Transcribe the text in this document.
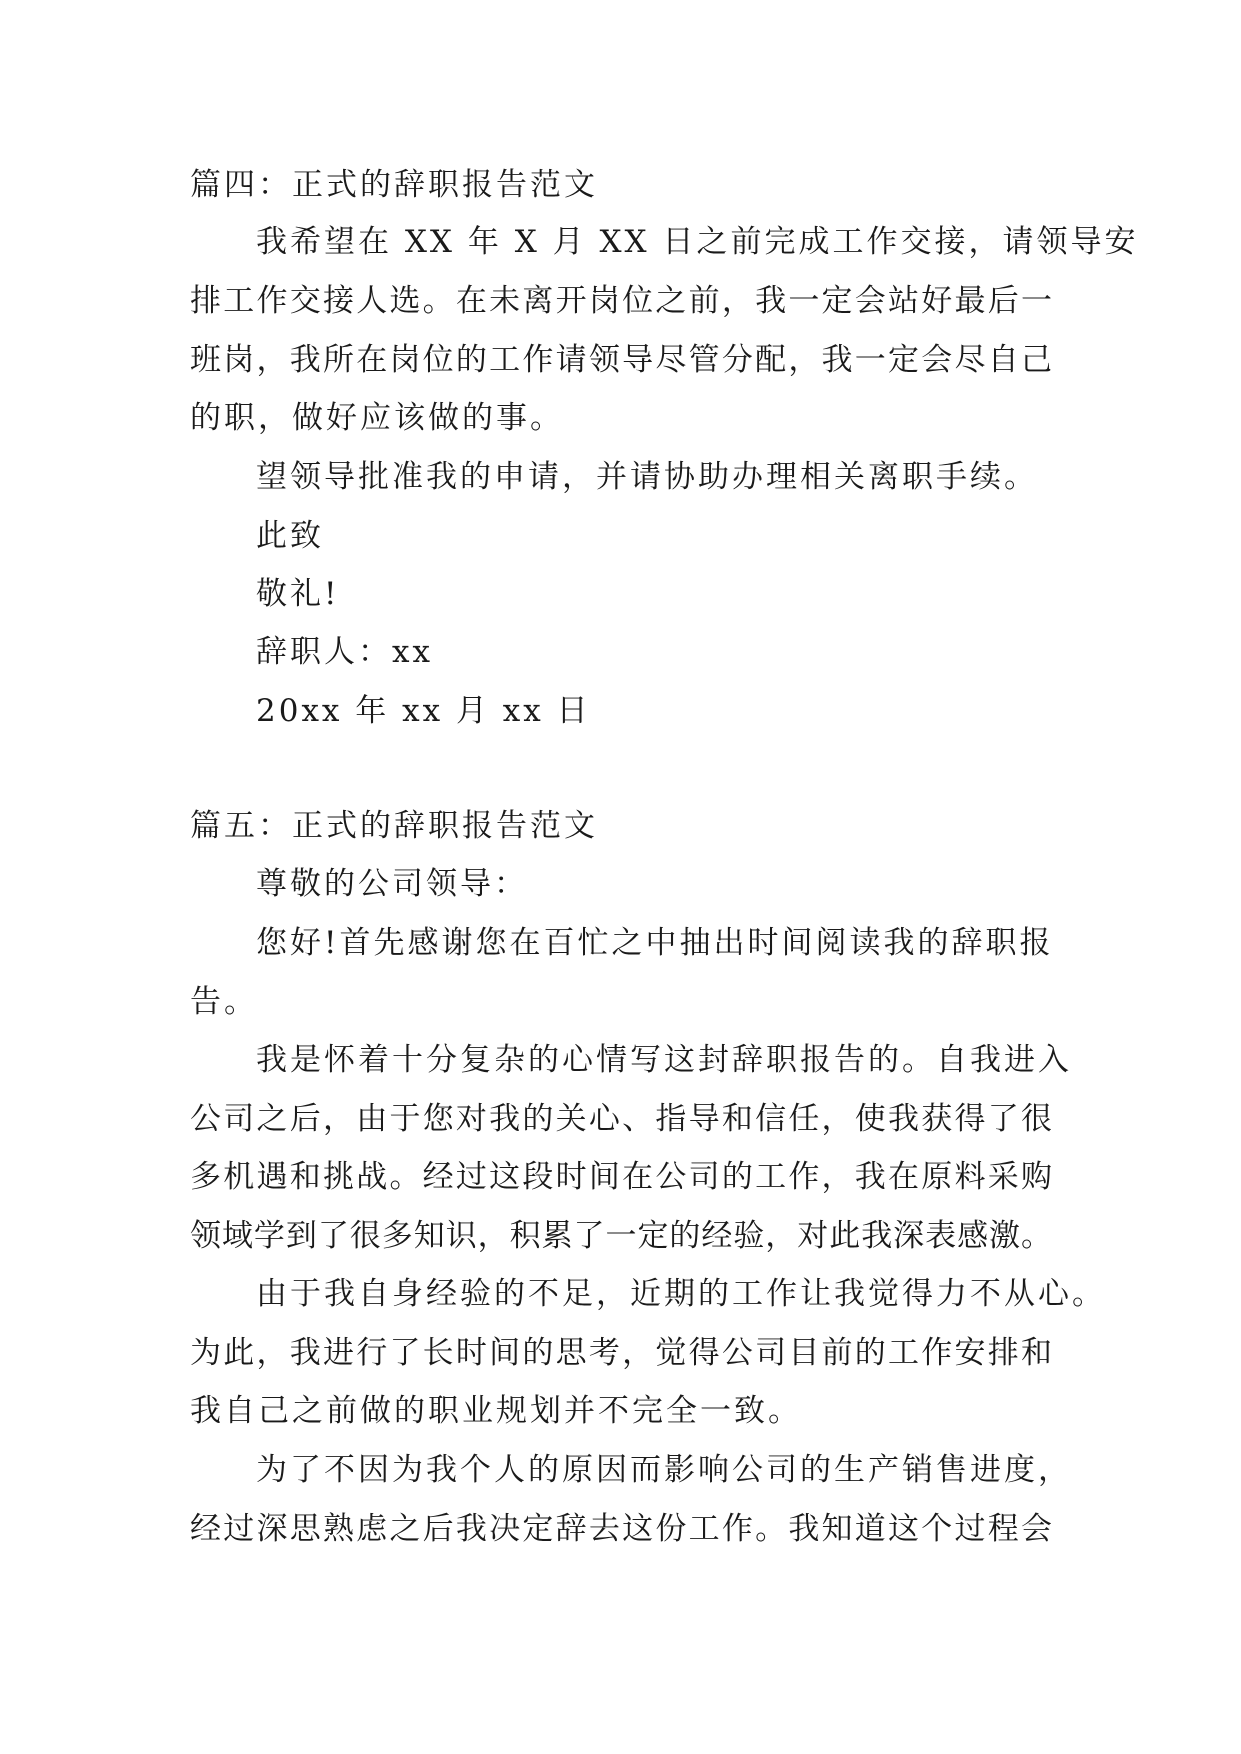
篇四：正式的辞职报告范文
我希望在 XX 年 X 月 XX 日之前完成工作交接，请领导安
排工作交接人选。在未离开岗位之前，我一定会站好最后一
班岗，我所在岗位的工作请领导尽管分配，我一定会尽自己
的职，做好应该做的事。
望领导批准我的申请，并请协助办理相关离职手续。
此致
敬礼!
辞职人：xx
20xx 年 xx 月 xx 日
篇五：正式的辞职报告范文
尊敬的公司领导：
您好!首先感谢您在百忙之中抽出时间阅读我的辞职报
告。
我是怀着十分复杂的心情写这封辞职报告的。自我进入
公司之后，由于您对我的关心、指导和信任，使我获得了很
多机遇和挑战。经过这段时间在公司的工作，我在原料采购
领域学到了很多知识，积累了一定的经验，对此我深表感激。
由于我自身经验的不足，近期的工作让我觉得力不从心。
为此，我进行了长时间的思考，觉得公司目前的工作安排和
我自己之前做的职业规划并不完全一致。
为了不因为我个人的原因而影响公司的生产销售进度，
经过深思熟虑之后我决定辞去这份工作。我知道这个过程会
